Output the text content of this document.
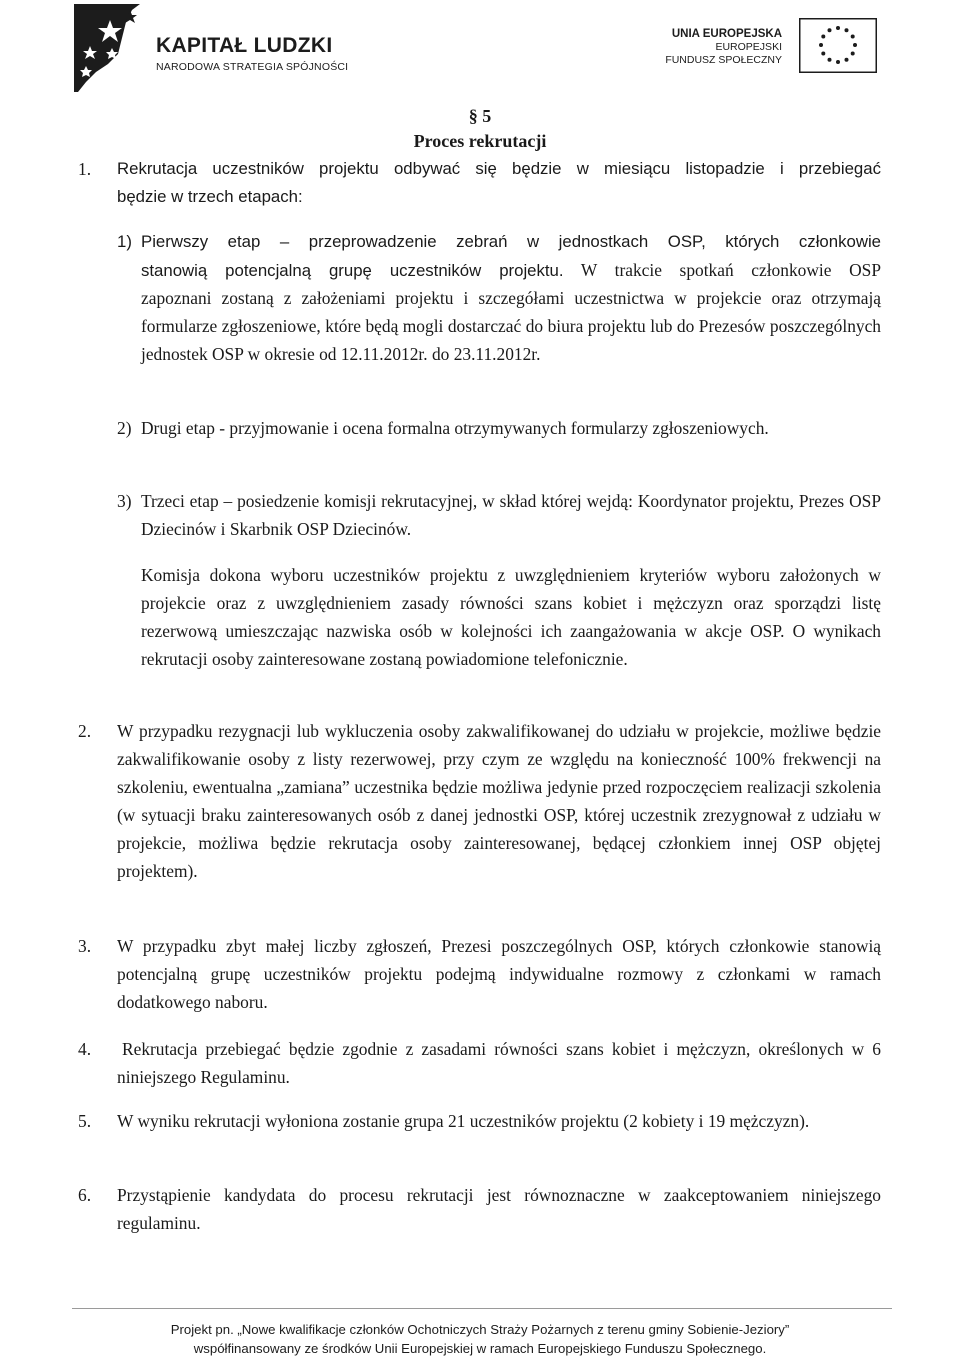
KAPITAŁ LUDZKI
NARODOWA STRATEGIA SPÓJNOŚCI
UNIA EUROPEJSKA
EUROPEJSKI
FUNDUSZ SPOŁECZNY
§ 5
Proces rekrutacji
1. Rekrutacja uczestników projektu odbywać się będzie w miesiącu listopadzie i przebiegać
będzie w trzech etapach:
1) Pierwszy etap – przeprowadzenie zebrań w jednostkach OSP, których członkowie
stanowią potencjalną grupę uczestników projektu. W trakcie spotkań członkowie OSP
zapoznani zostaną z założeniami projektu i szczegółami uczestnictwa w projekcie oraz otrzymają formularze zgłoszeniowe, które będą mogli dostarczać do biura projektu lub do Prezesów poszczególnych jednostek OSP w okresie od 12.11.2012r. do 23.11.2012r.
2) Drugi etap - przyjmowanie i ocena formalna otrzymywanych formularzy zgłoszeniowych.
3) Trzeci etap – posiedzenie komisji rekrutacyjnej, w skład której wejdą: Koordynator projektu, Prezes OSP Dziecinów i Skarbnik OSP Dziecinów.
Komisja dokona wyboru uczestników projektu z uwzględnieniem kryteriów wyboru założonych w projekcie oraz z uwzględnieniem zasady równości szans kobiet i mężczyzn oraz sporządzi listę rezerwową umieszczając nazwiska osób w kolejności ich zaangażowania w akcje OSP. O wynikach rekrutacji osoby zainteresowane zostaną powiadomione telefonicznie.
2. W przypadku rezygnacji lub wykluczenia osoby zakwalifikowanej do udziału w projekcie, możliwe będzie zakwalifikowanie osoby z listy rezerwowej, przy czym ze względu na konieczność 100% frekwencji na szkoleniu, ewentualna „zamiana” uczestnika będzie możliwa jedynie przed rozpoczęciem realizacji szkolenia (w sytuacji braku zainteresowanych osób z danej jednostki OSP, której uczestnik zrezygnował z udziału w projekcie, możliwa będzie rekrutacja osoby zainteresowanej, będącej członkiem innej OSP objętej projektem).
3. W przypadku zbyt małej liczby zgłoszeń, Prezesi poszczególnych OSP, których członkowie stanowią potencjalną grupę uczestników projektu podejmą indywidualne rozmowy z członkami w ramach dodatkowego naboru.
4. Rekrutacja przebiegać będzie zgodnie z zasadami równości szans kobiet i mężczyzn, określonych w 6 niniejszego Regulaminu.
5. W wyniku rekrutacji wyłoniona zostanie grupa 21 uczestników projektu (2 kobiety i 19 mężczyzn).
6. Przystąpienie kandydata do procesu rekrutacji jest równoznaczne w zaakceptowaniem niniejszego regulaminu.
Projekt pn. „Nowe kwalifikacje członków Ochotniczych Straży Pożarnych z terenu gminy Sobienie-Jeziory”
współfinansowany ze środków Unii Europejskiej w ramach Europejskiego Funduszu Społecznego.
